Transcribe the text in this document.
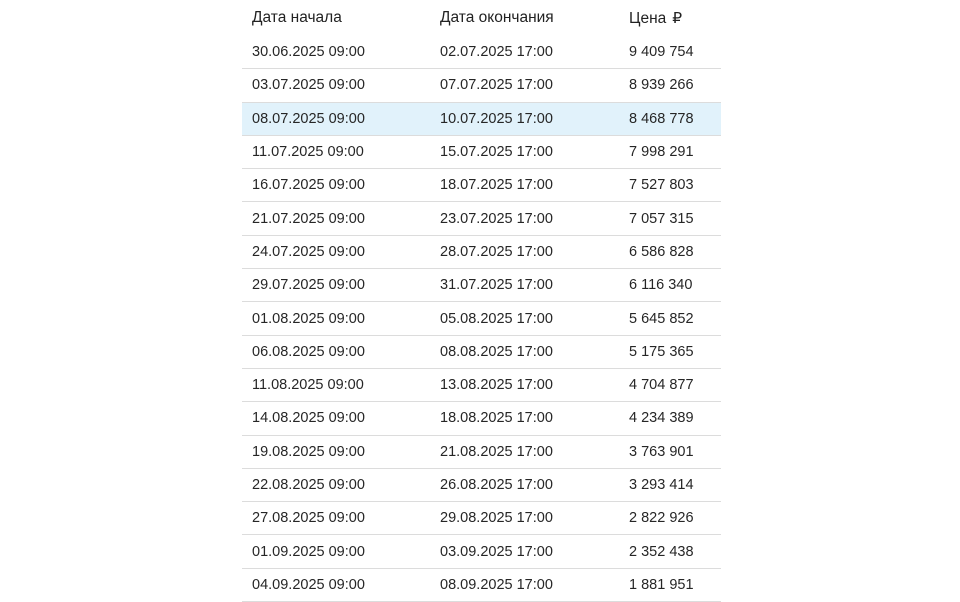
Дата начала	Дата окончания	Цена ₽
30.06.2025 09:00	02.07.2025 17:00	9 409 754
03.07.2025 09:00	07.07.2025 17:00	8 939 266
08.07.2025 09:00	10.07.2025 17:00	8 468 778
11.07.2025 09:00	15.07.2025 17:00	7 998 291
16.07.2025 09:00	18.07.2025 17:00	7 527 803
21.07.2025 09:00	23.07.2025 17:00	7 057 315
24.07.2025 09:00	28.07.2025 17:00	6 586 828
29.07.2025 09:00	31.07.2025 17:00	6 116 340
01.08.2025 09:00	05.08.2025 17:00	5 645 852
06.08.2025 09:00	08.08.2025 17:00	5 175 365
11.08.2025 09:00	13.08.2025 17:00	4 704 877
14.08.2025 09:00	18.08.2025 17:00	4 234 389
19.08.2025 09:00	21.08.2025 17:00	3 763 901
22.08.2025 09:00	26.08.2025 17:00	3 293 414
27.08.2025 09:00	29.08.2025 17:00	2 822 926
01.09.2025 09:00	03.09.2025 17:00	2 352 438
04.09.2025 09:00	08.09.2025 17:00	1 881 951
